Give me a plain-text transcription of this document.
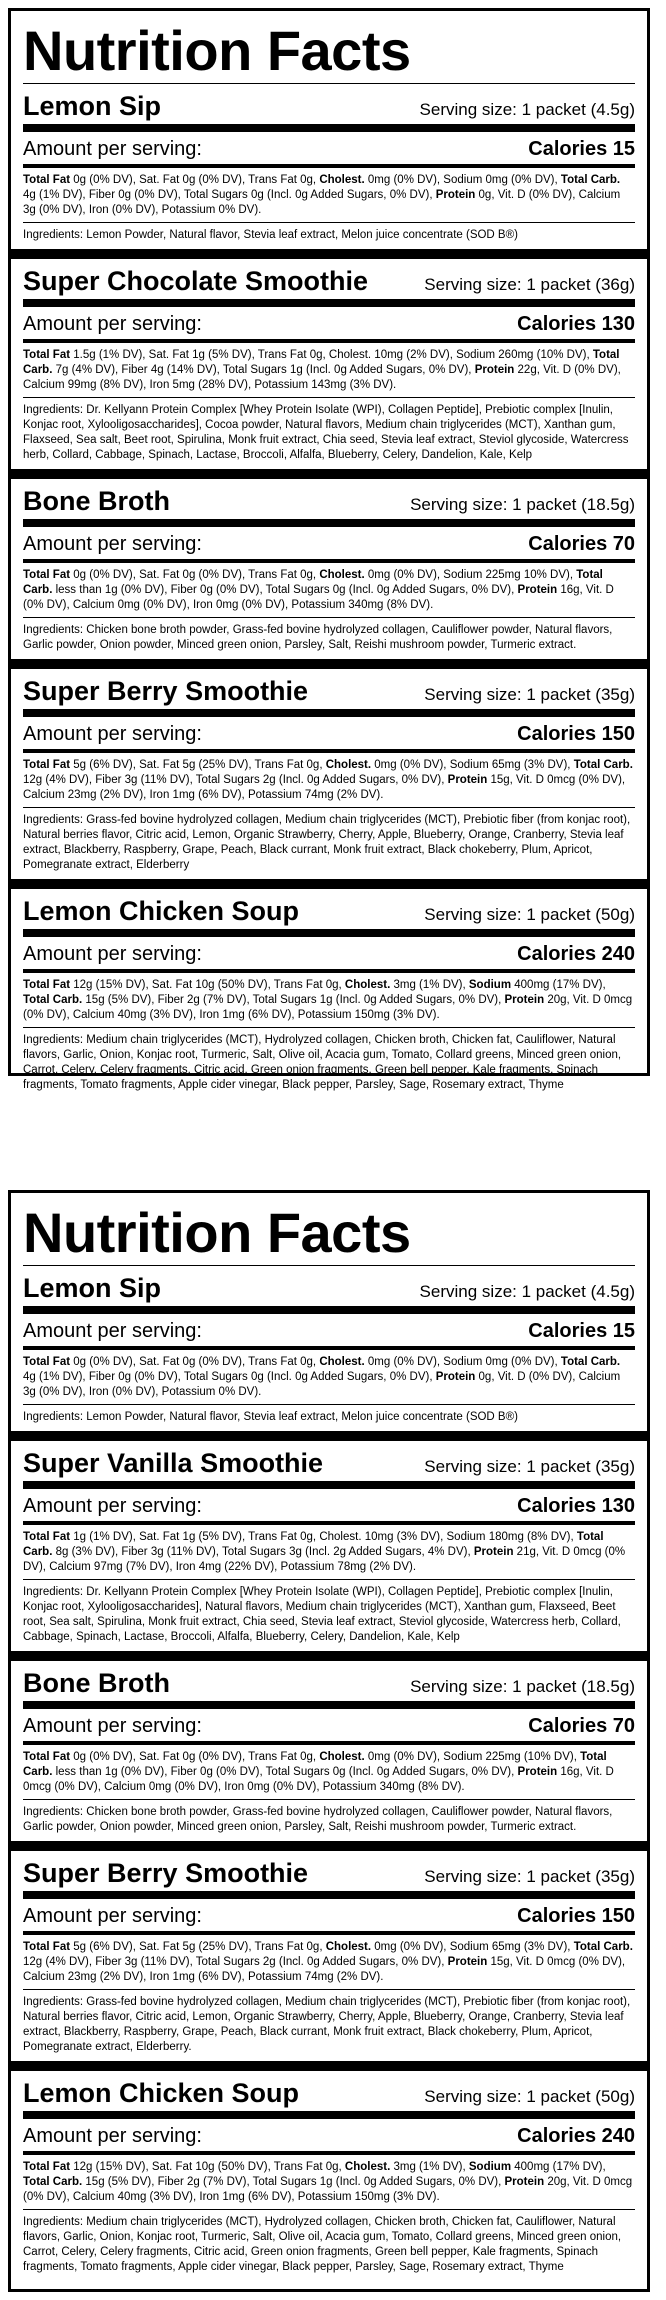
Nutrition Facts
Lemon Sip	Serving size: 1 packet (4.5g)
Amount per serving:	Calories 15
Total Fat 0g (0% DV), Sat. Fat 0g (0% DV), Trans Fat 0g, Cholest. 0mg (0% DV), Sodium 0mg (0% DV), Total Carb. 4g (1% DV), Fiber 0g (0% DV), Total Sugars 0g (Incl. 0g Added Sugars, 0% DV), Protein 0g, Vit. D (0% DV), Calcium 3g (0% DV), Iron (0% DV), Potassium 0% DV).
Ingredients: Lemon Powder, Natural flavor, Stevia leaf extract, Melon juice concentrate (SOD B®)
Super Chocolate Smoothie	Serving size: 1 packet (36g)
Amount per serving:	Calories 130
Total Fat 1.5g (1% DV), Sat. Fat 1g (5% DV), Trans Fat 0g, Cholest. 10mg (2% DV), Sodium 260mg (10% DV), Total Carb. 7g (4% DV), Fiber 4g (14% DV), Total Sugars 1g (Incl. 0g Added Sugars, 0% DV), Protein 22g, Vit. D (0% DV), Calcium 99mg (8% DV), Iron 5mg (28% DV), Potassium 143mg (3% DV).
Ingredients: Dr. Kellyann Protein Complex [Whey Protein Isolate (WPI), Collagen Peptide], Prebiotic complex [Inulin, Konjac root, Xylooligosaccharides], Cocoa powder, Natural flavors, Medium chain triglycerides (MCT), Xanthan gum, Flaxseed, Sea salt, Beet root, Spirulina, Monk fruit extract, Chia seed, Stevia leaf extract, Steviol glycoside, Watercress herb, Collard, Cabbage, Spinach, Lactase, Broccoli, Alfalfa, Blueberry, Celery, Dandelion, Kale, Kelp
Bone Broth	Serving size: 1 packet (18.5g)
Amount per serving:	Calories 70
Total Fat 0g (0% DV), Sat. Fat 0g (0% DV), Trans Fat 0g, Cholest. 0mg (0% DV), Sodium 225mg 10% DV), Total Carb. less than 1g (0% DV), Fiber 0g (0% DV), Total Sugars 0g (Incl. 0g Added Sugars, 0% DV), Protein 16g, Vit. D (0% DV), Calcium 0mg (0% DV), Iron 0mg (0% DV), Potassium 340mg (8% DV).
Ingredients: Chicken bone broth powder, Grass-fed bovine hydrolyzed collagen, Cauliflower powder, Natural flavors, Garlic powder, Onion powder, Minced green onion, Parsley, Salt, Reishi mushroom powder, Turmeric extract.
Super Berry Smoothie	Serving size: 1 packet (35g)
Amount per serving:	Calories 150
Total Fat 5g (6% DV), Sat. Fat 5g (25% DV), Trans Fat 0g, Cholest. 0mg (0% DV), Sodium 65mg (3% DV), Total Carb. 12g (4% DV), Fiber 3g (11% DV), Total Sugars 2g (Incl. 0g Added Sugars, 0% DV), Protein 15g, Vit. D 0mcg (0% DV), Calcium 23mg (2% DV), Iron 1mg (6% DV), Potassium 74mg (2% DV).
Ingredients: Grass-fed bovine hydrolyzed collagen, Medium chain triglycerides (MCT), Prebiotic fiber (from konjac root), Natural berries flavor, Citric acid, Lemon, Organic Strawberry, Cherry, Apple, Blueberry, Orange, Cranberry, Stevia leaf extract, Blackberry, Raspberry, Grape, Peach, Black currant, Monk fruit extract, Black chokeberry, Plum, Apricot, Pomegranate extract, Elderberry
Lemon Chicken Soup	Serving size: 1 packet (50g)
Amount per serving:	Calories 240
Total Fat 12g (15% DV), Sat. Fat 10g (50% DV), Trans Fat 0g, Cholest. 3mg (1% DV), Sodium 400mg (17% DV), Total Carb. 15g (5% DV), Fiber 2g (7% DV), Total Sugars 1g (Incl. 0g Added Sugars, 0% DV), Protein 20g, Vit. D 0mcg (0% DV), Calcium 40mg (3% DV), Iron 1mg (6% DV), Potassium 150mg (3% DV).
Ingredients: Medium chain triglycerides (MCT), Hydrolyzed collagen, Chicken broth, Chicken fat, Cauliflower, Natural flavors, Garlic, Onion, Konjac root, Turmeric, Salt, Olive oil, Acacia gum, Tomato, Collard greens, Minced green onion, Carrot, Celery, Celery fragments, Citric acid, Green onion fragments, Green bell pepper, Kale fragments, Spinach fragments, Tomato fragments, Apple cider vinegar, Black pepper, Parsley, Sage, Rosemary extract, Thyme
Nutrition Facts
Lemon Sip	Serving size: 1 packet (4.5g)
Amount per serving:	Calories 15
Total Fat 0g (0% DV), Sat. Fat 0g (0% DV), Trans Fat 0g, Cholest. 0mg (0% DV), Sodium 0mg (0% DV), Total Carb. 4g (1% DV), Fiber 0g (0% DV), Total Sugars 0g (Incl. 0g Added Sugars, 0% DV), Protein 0g, Vit. D (0% DV), Calcium 3g (0% DV), Iron (0% DV), Potassium 0% DV).
Ingredients: Lemon Powder, Natural flavor, Stevia leaf extract, Melon juice concentrate (SOD B®)
Super Vanilla Smoothie	Serving size: 1 packet (35g)
Amount per serving:	Calories 130
Total Fat 1g (1% DV), Sat. Fat 1g (5% DV), Trans Fat 0g, Cholest. 10mg (3% DV), Sodium 180mg (8% DV), Total Carb. 8g (3% DV), Fiber 3g (11% DV), Total Sugars 3g (Incl. 2g Added Sugars, 4% DV), Protein 21g, Vit. D 0mcg (0% DV), Calcium 97mg (7% DV), Iron 4mg (22% DV), Potassium 78mg (2% DV).
Ingredients: Dr. Kellyann Protein Complex [Whey Protein Isolate (WPI), Collagen Peptide], Prebiotic complex [Inulin, Konjac root, Xylooligosaccharides], Natural flavors, Medium chain triglycerides (MCT), Xanthan gum, Flaxseed, Beet root, Sea salt, Spirulina, Monk fruit extract, Chia seed, Stevia leaf extract, Steviol glycoside, Watercress herb, Collard, Cabbage, Spinach, Lactase, Broccoli, Alfalfa, Blueberry, Celery, Dandelion, Kale, Kelp
Bone Broth	Serving size: 1 packet (18.5g)
Amount per serving:	Calories 70
Total Fat 0g (0% DV), Sat. Fat 0g (0% DV), Trans Fat 0g, Cholest. 0mg (0% DV), Sodium 225mg (10% DV), Total Carb. less than 1g (0% DV), Fiber 0g (0% DV), Total Sugars 0g (Incl. 0g Added Sugars, 0% DV), Protein 16g, Vit. D 0mcg (0% DV), Calcium 0mg (0% DV), Iron 0mg (0% DV), Potassium 340mg (8% DV).
Ingredients: Chicken bone broth powder, Grass-fed bovine hydrolyzed collagen, Cauliflower powder, Natural flavors, Garlic powder, Onion powder, Minced green onion, Parsley, Salt, Reishi mushroom powder, Turmeric extract.
Super Berry Smoothie	Serving size: 1 packet (35g)
Amount per serving:	Calories 150
Total Fat 5g (6% DV), Sat. Fat 5g (25% DV), Trans Fat 0g, Cholest. 0mg (0% DV), Sodium 65mg (3% DV), Total Carb. 12g (4% DV), Fiber 3g (11% DV), Total Sugars 2g (Incl. 0g Added Sugars, 0% DV), Protein 15g, Vit. D 0mcg (0% DV), Calcium 23mg (2% DV), Iron 1mg (6% DV), Potassium 74mg (2% DV).
Ingredients: Grass-fed bovine hydrolyzed collagen, Medium chain triglycerides (MCT), Prebiotic fiber (from konjac root), Natural berries flavor, Citric acid, Lemon, Organic Strawberry, Cherry, Apple, Blueberry, Orange, Cranberry, Stevia leaf extract, Blackberry, Raspberry, Grape, Peach, Black currant, Monk fruit extract, Black chokeberry, Plum, Apricot, Pomegranate extract, Elderberry.
Lemon Chicken Soup	Serving size: 1 packet (50g)
Amount per serving:	Calories 240
Total Fat 12g (15% DV), Sat. Fat 10g (50% DV), Trans Fat 0g, Cholest. 3mg (1% DV), Sodium 400mg (17% DV), Total Carb. 15g (5% DV), Fiber 2g (7% DV), Total Sugars 1g (Incl. 0g Added Sugars, 0% DV), Protein 20g, Vit. D 0mcg (0% DV), Calcium 40mg (3% DV), Iron 1mg (6% DV), Potassium 150mg (3% DV).
Ingredients: Medium chain triglycerides (MCT), Hydrolyzed collagen, Chicken broth, Chicken fat, Cauliflower, Natural flavors, Garlic, Onion, Konjac root, Turmeric, Salt, Olive oil, Acacia gum, Tomato, Collard greens, Minced green onion, Carrot, Celery, Celery fragments, Citric acid, Green onion fragments, Green bell pepper, Kale fragments, Spinach fragments, Tomato fragments, Apple cider vinegar, Black pepper, Parsley, Sage, Rosemary extract, Thyme
